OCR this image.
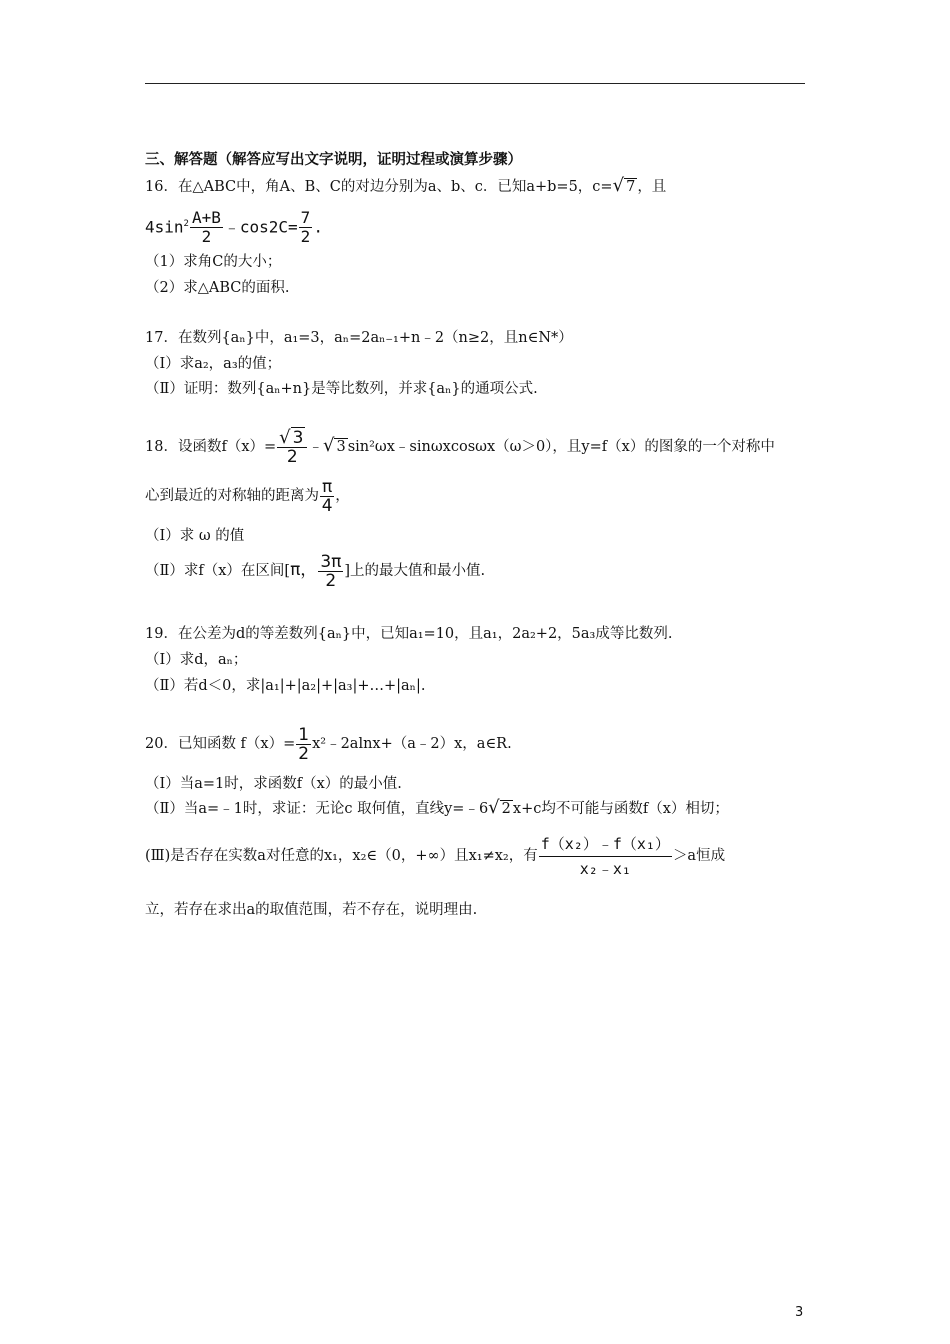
三、解答题（解答应写出文字说明，证明过程或演算步骤）
16．在△ABC中，角A、B、C的对边分别为a、b、c．已知a+b=5，c=√ 7 ，且
$4\sin^2 \frac{A+B}{2}$ ﹣cos2C= $\frac{7}{2}$ .
（1）求角C的大小；
（2）求△ABC的面积.
17．在数列{aₙ}中，a₁=3，aₙ=2aₙ₋₁+n﹣2（n≥2，且n∈N*）
（Ⅰ）求a₂，a₃的值；
（Ⅱ）证明：数列{aₙ+n}是等比数列，并求{aₙ}的通项公式.
18．设函数$f(x)= \frac{√ 3}{2}$ ﹣√ 3 sin²ωx﹣sinωxcosωx（ω＞0），且y=f（x）的图象的一个对称中
心到最近的对称轴的距离为 $\frac{\pi}{4}$ ，
（Ⅰ）求 ω 的值
（Ⅱ）求f（x）在区间[π， $\frac{3\pi}{2}$ ]上的最大值和最小值.
19．在公差为d的等差数列{aₙ}中，已知a₁=10，且a₁，2a₂+2，5a₃成等比数列.
（Ⅰ）求d，aₙ；
（Ⅱ）若d＜0，求|a₁|+|a₂|+|a₃|+…+|aₙ|.
20．已知函数 $f(x)= \frac{1}{2}$ x²﹣2alnx+（a﹣2）x，a∈R.
（Ⅰ）当a=1时，求函数f（x）的最小值.
（Ⅱ）当a=﹣1时，求证：无论c 取何值，直线y=﹣6√ 2 x+c均不可能与函数f（x）相切；
(Ⅲ)是否存在实数a对任意的x₁，x₂∈（0，+∞）且x₁≠x₂，有 $\frac{\text{f（x₂）﹣f（x₁）}}{\text{x₂﹣x₁}} >a$恒成
立，若存在求出a的取值范围，若不存在，说明理由.
3
